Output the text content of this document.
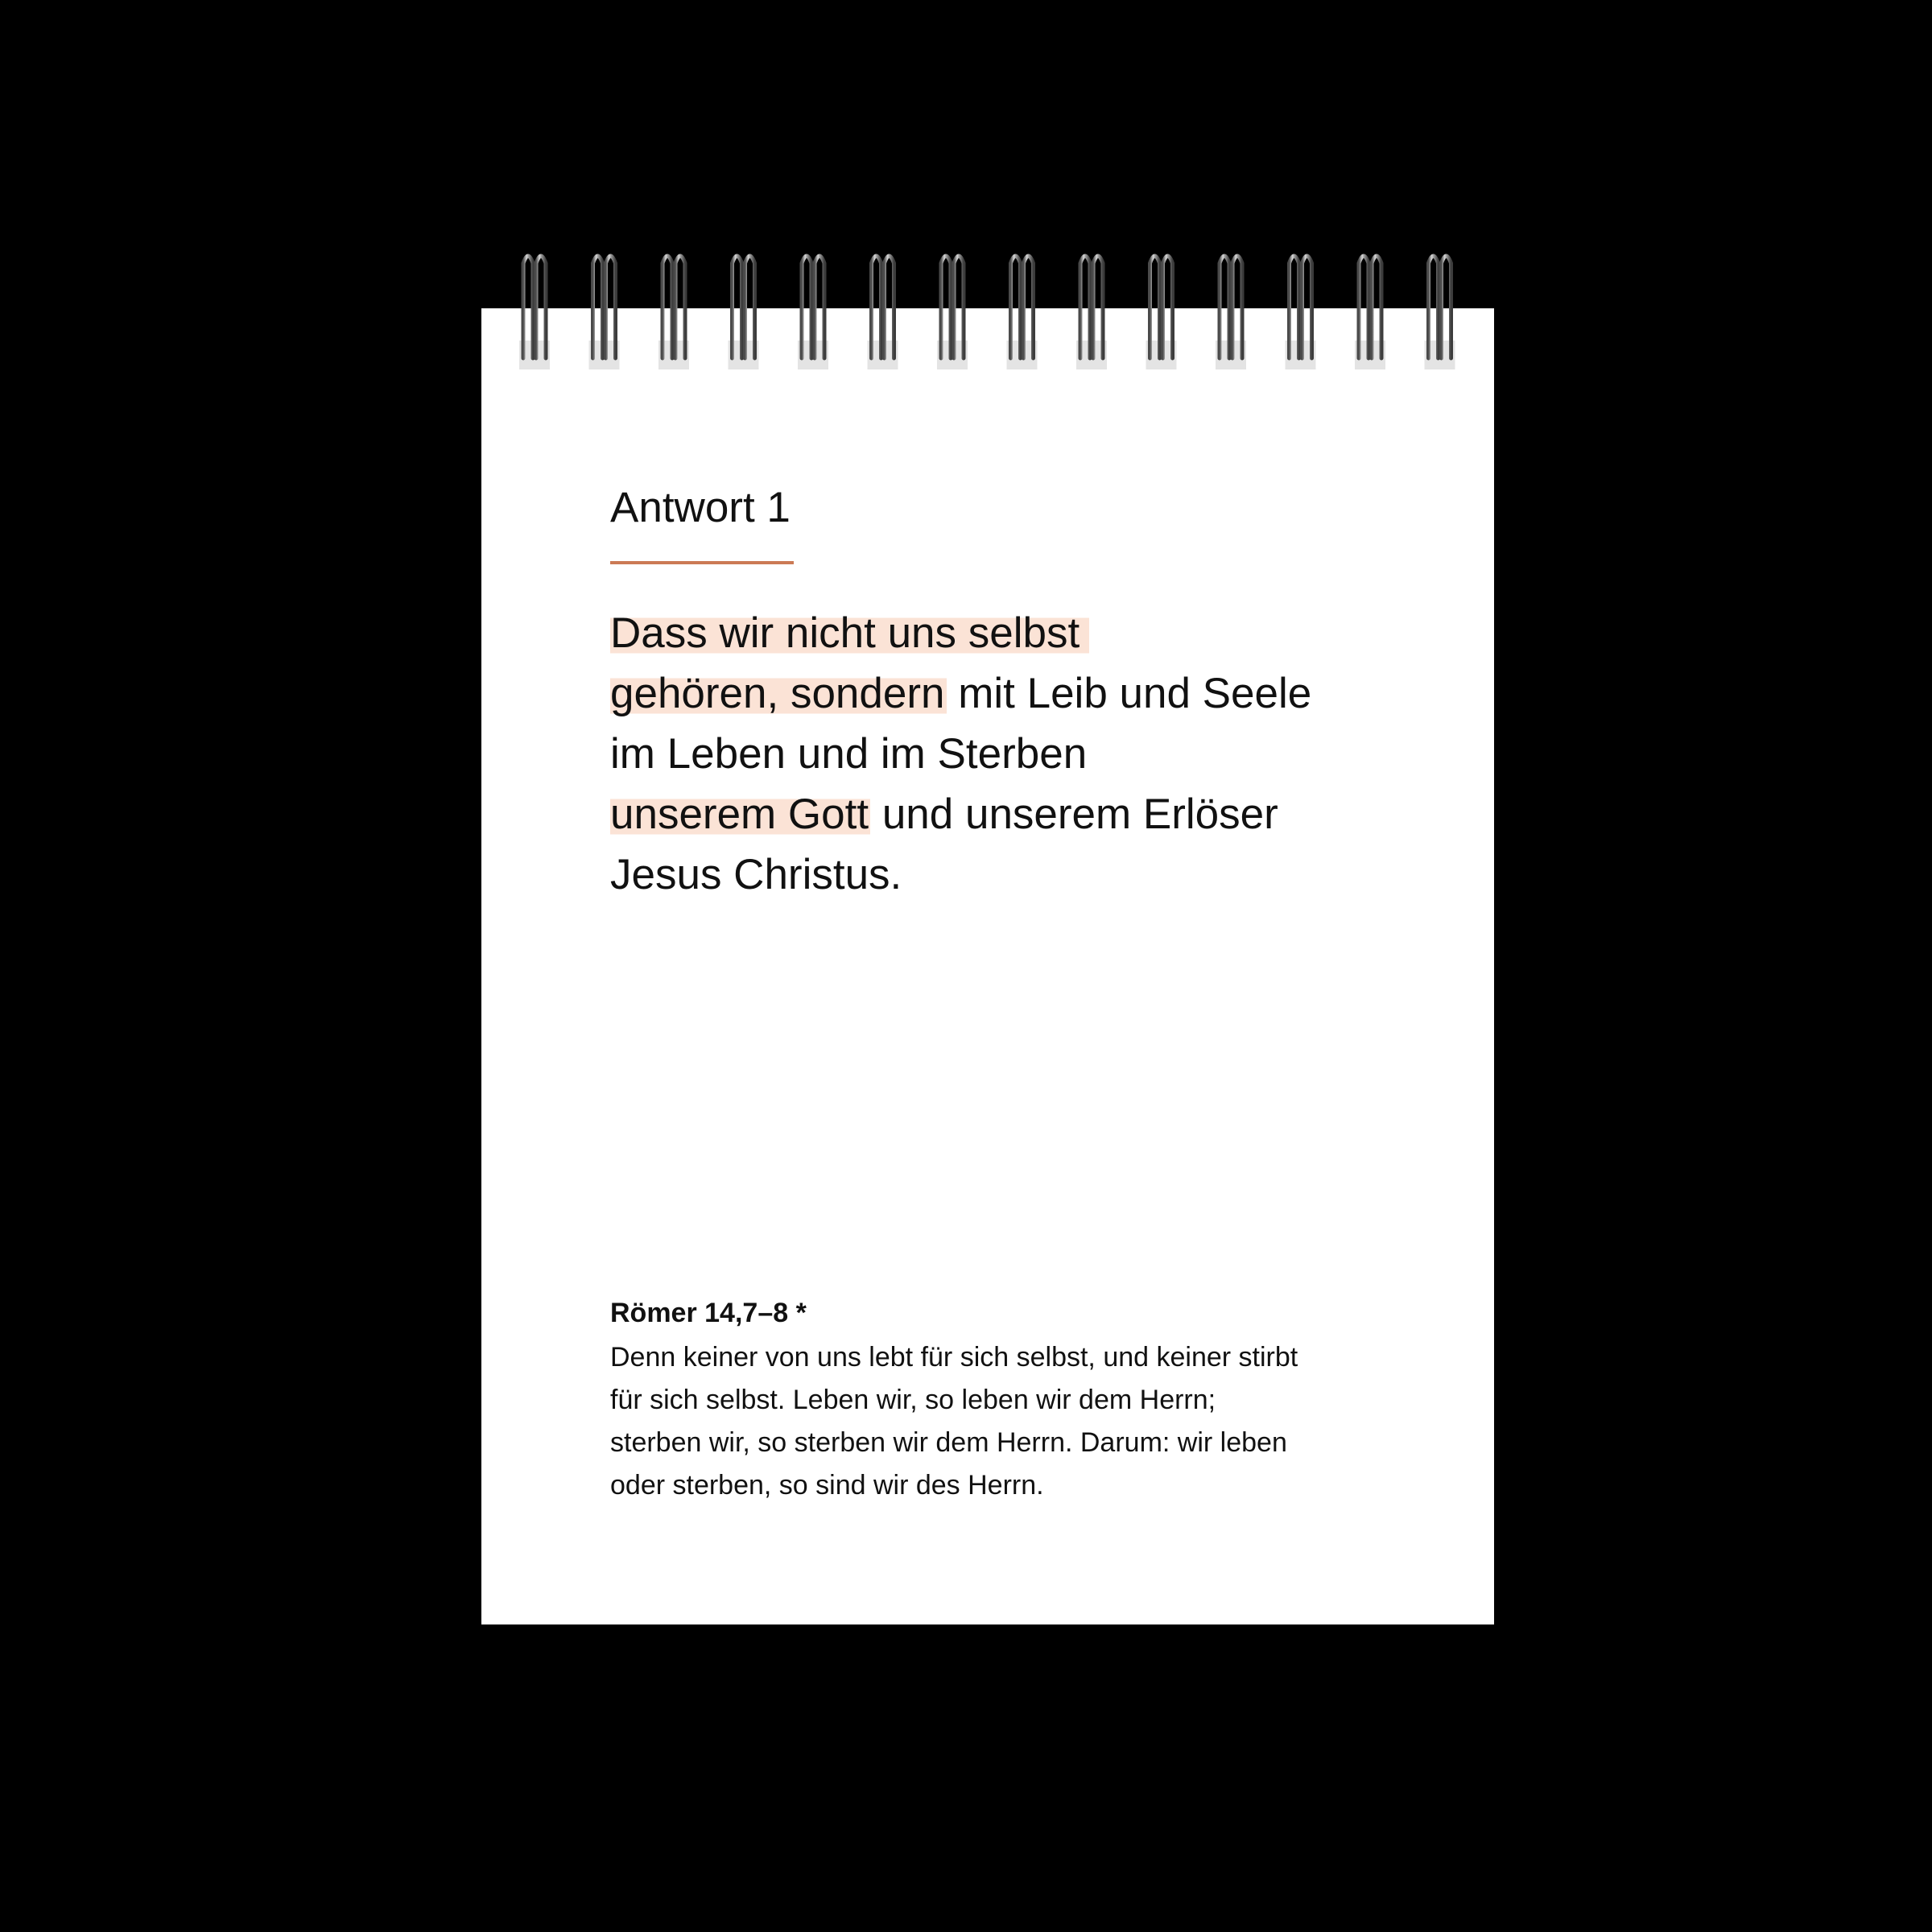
Antwort 1

Dass wir nicht uns selbst
gehören, sondern mit Leib und Seele
im Leben und im Sterben
unserem Gott und unserem Erlöser
Jesus Christus.

Römer 14,7–8 *

Denn keiner von uns lebt für sich selbst, und keiner stirbt
für sich selbst. Leben wir, so leben wir dem Herrn;
sterben wir, so sterben wir dem Herrn. Darum: wir leben
oder sterben, so sind wir des Herrn.
